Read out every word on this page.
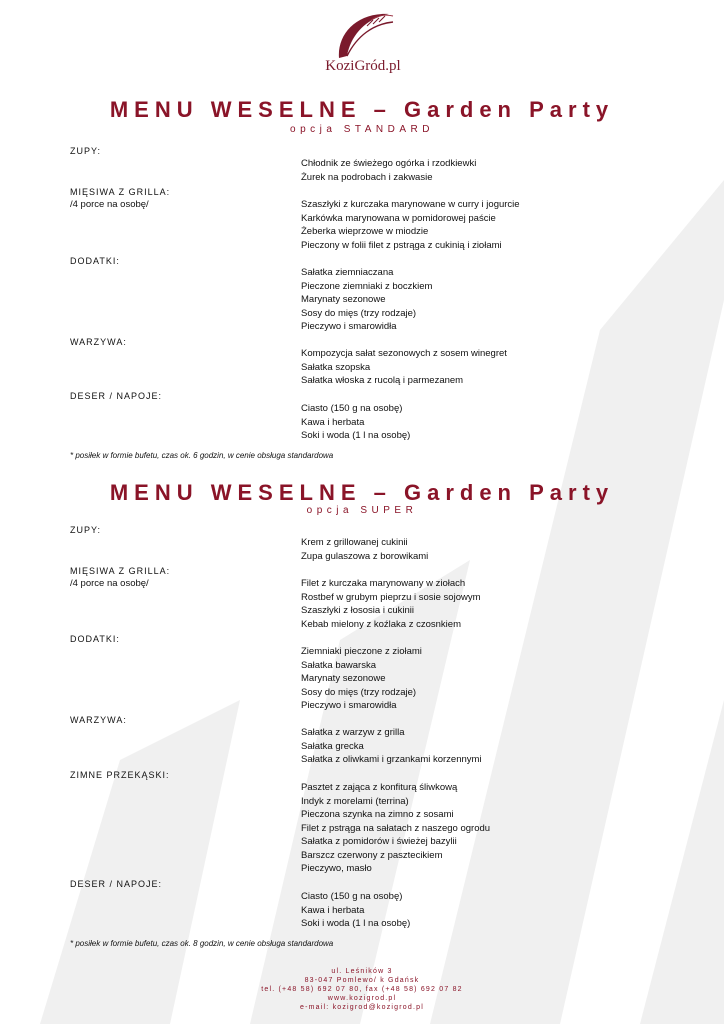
KoziGród.pl
MENU WESELNE – Garden Party
opcja STANDARD
ZUPY:
Chłodnik ze świeżego ogórka i rzodkiewki
Żurek na podrobach i zakwasie
MIĘSIWA Z GRILLA:
/4 porce na osobę/	Szaszłyki z kurczaka marynowane w curry i jogurcie
Karkówka marynowana w pomidorowej paście
Żeberka wieprzowe w miodzie
Pieczony w folii filet z pstrąga z cukinią i ziołami
DODATKI:
Sałatka ziemniaczana
Pieczone ziemniaki z boczkiem
Marynaty sezonowe
Sosy do mięs (trzy rodzaje)
Pieczywo i smarowidła
WARZYWA:
Kompozycja sałat sezonowych z sosem winegret
Sałatka szopska
Sałatka włoska z rucolą i parmezanem
DESER / NAPOJE:
Ciasto (150 g na osobę)
Kawa i herbata
Soki i woda (1 l na osobę)
* posiłek w formie bufetu, czas ok. 6 godzin, w cenie obsługa standardowa
MENU WESELNE – Garden Party
opcja SUPER
ZUPY:
Krem z grillowanej cukinii
Zupa gulaszowa z borowikami
MIĘSIWA Z GRILLA:
/4 porce na osobę/	Filet z kurczaka marynowany w ziołach
Rostbef w grubym pieprzu i sosie sojowym
Szaszłyki z łososia i cukinii
Kebab mielony z koźlaka z czosnkiem
DODATKI:
Ziemniaki pieczone z ziołami
Sałatka bawarska
Marynaty sezonowe
Sosy do mięs (trzy rodzaje)
Pieczywo i smarowidła
WARZYWA:
Sałatka z warzyw z grilla
Sałatka grecka
Sałatka z oliwkami i grzankami korzennymi
ZIMNE PRZEKĄSKI:
Pasztet z zająca z konfiturą śliwkową
Indyk z morelami (terrina)
Pieczona szynka na zimno z sosami
Filet z pstrąga na sałatach z naszego ogrodu
Sałatka z pomidorów i świeżej bazylii
Barszcz czerwony z pasztecikiem
Pieczywo, masło
DESER / NAPOJE:
Ciasto (150 g na osobę)
Kawa i herbata
Soki i woda (1 l na osobę)
* posiłek w formie bufetu, czas ok. 8 godzin, w cenie obsługa standardowa
ul. Leśników 3
83-047 Pomlewo/ k Gdańsk
tel. (+48 58) 692 07 80, fax (+48 58) 692 07 82
www.kozigrod.pl
e-mail: kozigrod@kozigrod.pl
